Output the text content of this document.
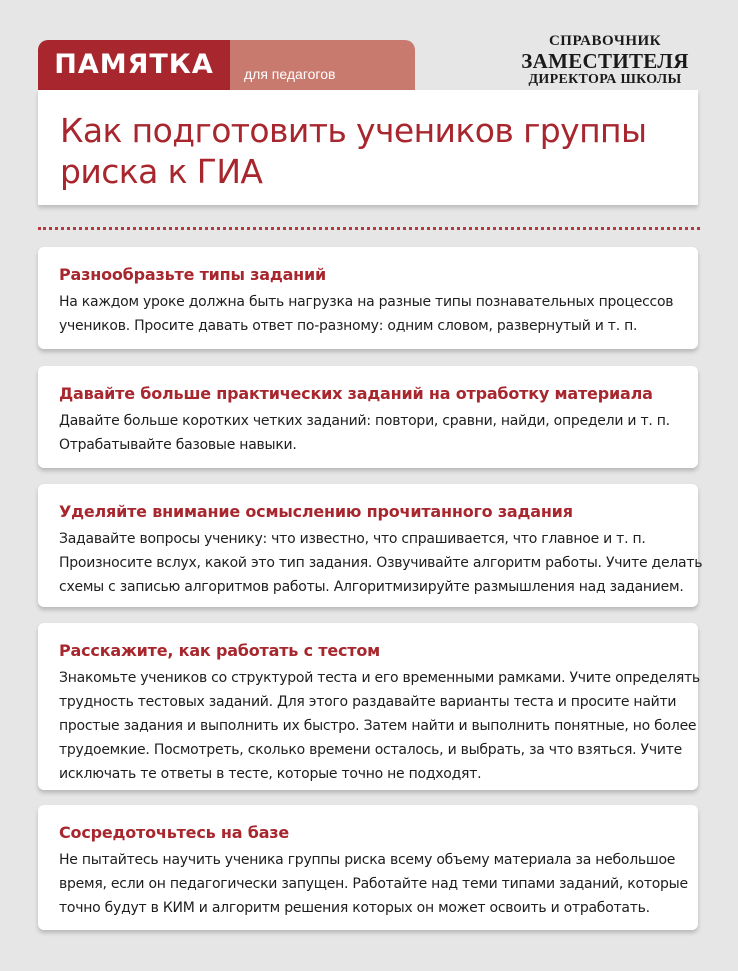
ПАМЯТКА	для педагогов
СПРАВОЧНИК
ЗАМЕСТИТЕЛЯ
ДИРЕКТОРА ШКОЛЫ
Как подготовить учеников группы
риска к ГИА
Разнообразьте типы заданий

На каждом уроке должна быть нагрузка на разные типы познавательных процессов
учеников. Просите давать ответ по-разному: одним словом, развернутый и т. п.

Давайте больше практических заданий на отработку материала

Давайте больше коротких четких заданий: повтори, сравни, найди, определи и т. п.
Отрабатывайте базовые навыки.

Уделяйте внимание осмыслению прочитанного задания

Задавайте вопросы ученику: что известно, что спрашивается, что главное и т. п.
Произносите вслух, какой это тип задания. Озвучивайте алгоритм работы. Учите делать
схемы с записью алгоритмов работы. Алгоритмизируйте размышления над заданием.

Расскажите, как работать с тестом

Знакомьте учеников со структурой теста и его временными рамками. Учите определять
трудность тестовых заданий. Для этого раздавайте варианты теста и просите найти
простые задания и выполнить их быстро. Затем найти и выполнить понятные, но более
трудоемкие. Посмотреть, сколько времени осталось, и выбрать, за что взяться. Учите
исключать те ответы в тесте, которые точно не подходят.

Сосредоточьтесь на базе

Не пытайтесь научить ученика группы риска всему объему материала за небольшое
время, если он педагогически запущен. Работайте над теми типами заданий, которые
точно будут в КИМ и алгоритм решения которых он может освоить и отработать.
